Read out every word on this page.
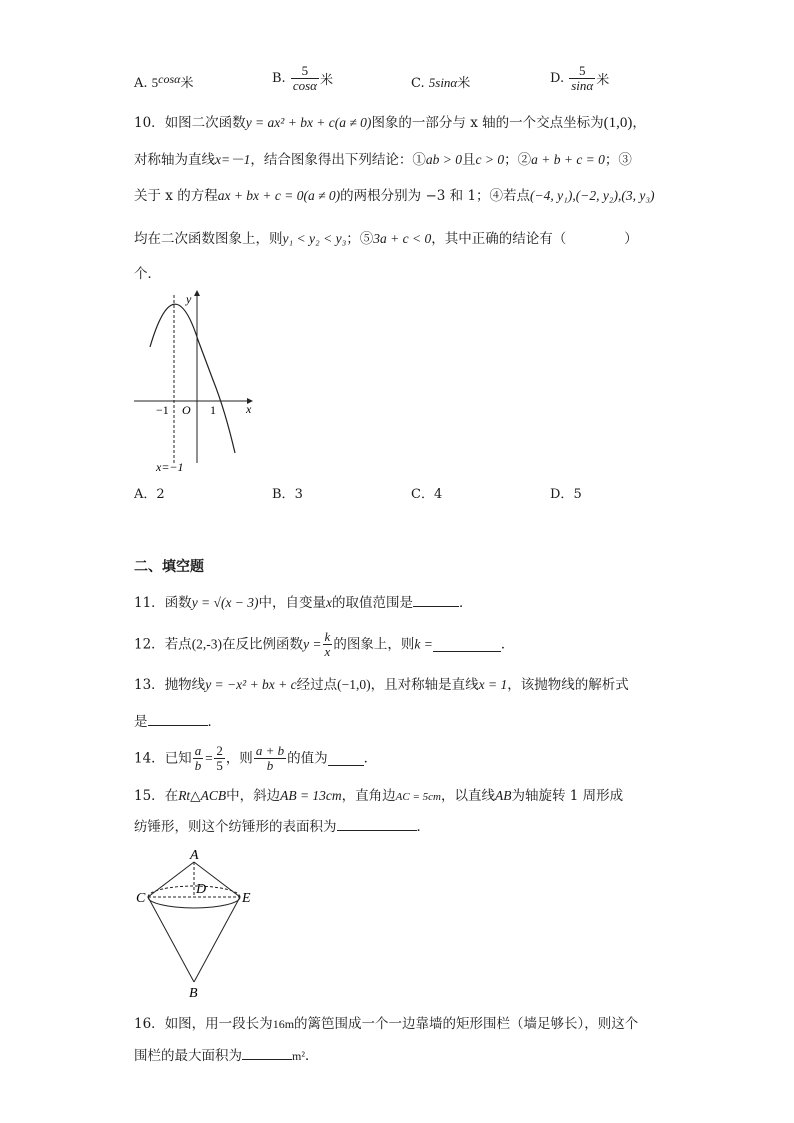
A. 5cosα米	B. $\frac{5}{\cos\alpha}$ 米	C. 5sinα米	D. $\frac{5}{\sin\alpha}$ 米
10．如图二次函数y = ax² + bx + c(a ≠ 0)图象的一部分与 x 轴的一个交点坐标为(1,0)，
对称轴为直线x=－1，结合图象得出下列结论：①ab > 0且c > 0；②a + b + c = 0；③
关于 x 的方程ax + bx + c = 0(a ≠ 0)的两根分别为 −3 和 1；④若点(−4, y₁),(−2, y₂),(3, y₃)
均在二次函数图象上，则y₁ < y₂ < y₃；⑤3a + c < 0，其中正确的结论有（	）
个．
y
x
O
−1	1
x=−1
A．2	B．3	C．4	D．5
二、填空题
11．函数y = √(x − 3)中，自变量x的取值范围是	．
12．若点(2,-3)在反比例函数$y = \frac{k}{x}$ 的图象上，则k =	．
13．抛物线y = −x² + bx + c经过点(−1,0)，且对称轴是直线x = 1，该抛物线的解析式
是	．
14．已知 $\frac{a}{b} = \frac{2}{5}$ ，则 $\frac{a + b}{b}$ 的值为	．
15．在Rt△ACB中，斜边AB = 13cm，直角边AC = 5cm，以直线AB为轴旋转 1 周形成
纺锤形，则这个纺锤形的表面积为	．
A
C
D
E
B
16．如图，用一段长为16m的篱笆围成一个一边靠墙的矩形围栏（墙足够长），则这个
围栏的最大面积为	m²．
